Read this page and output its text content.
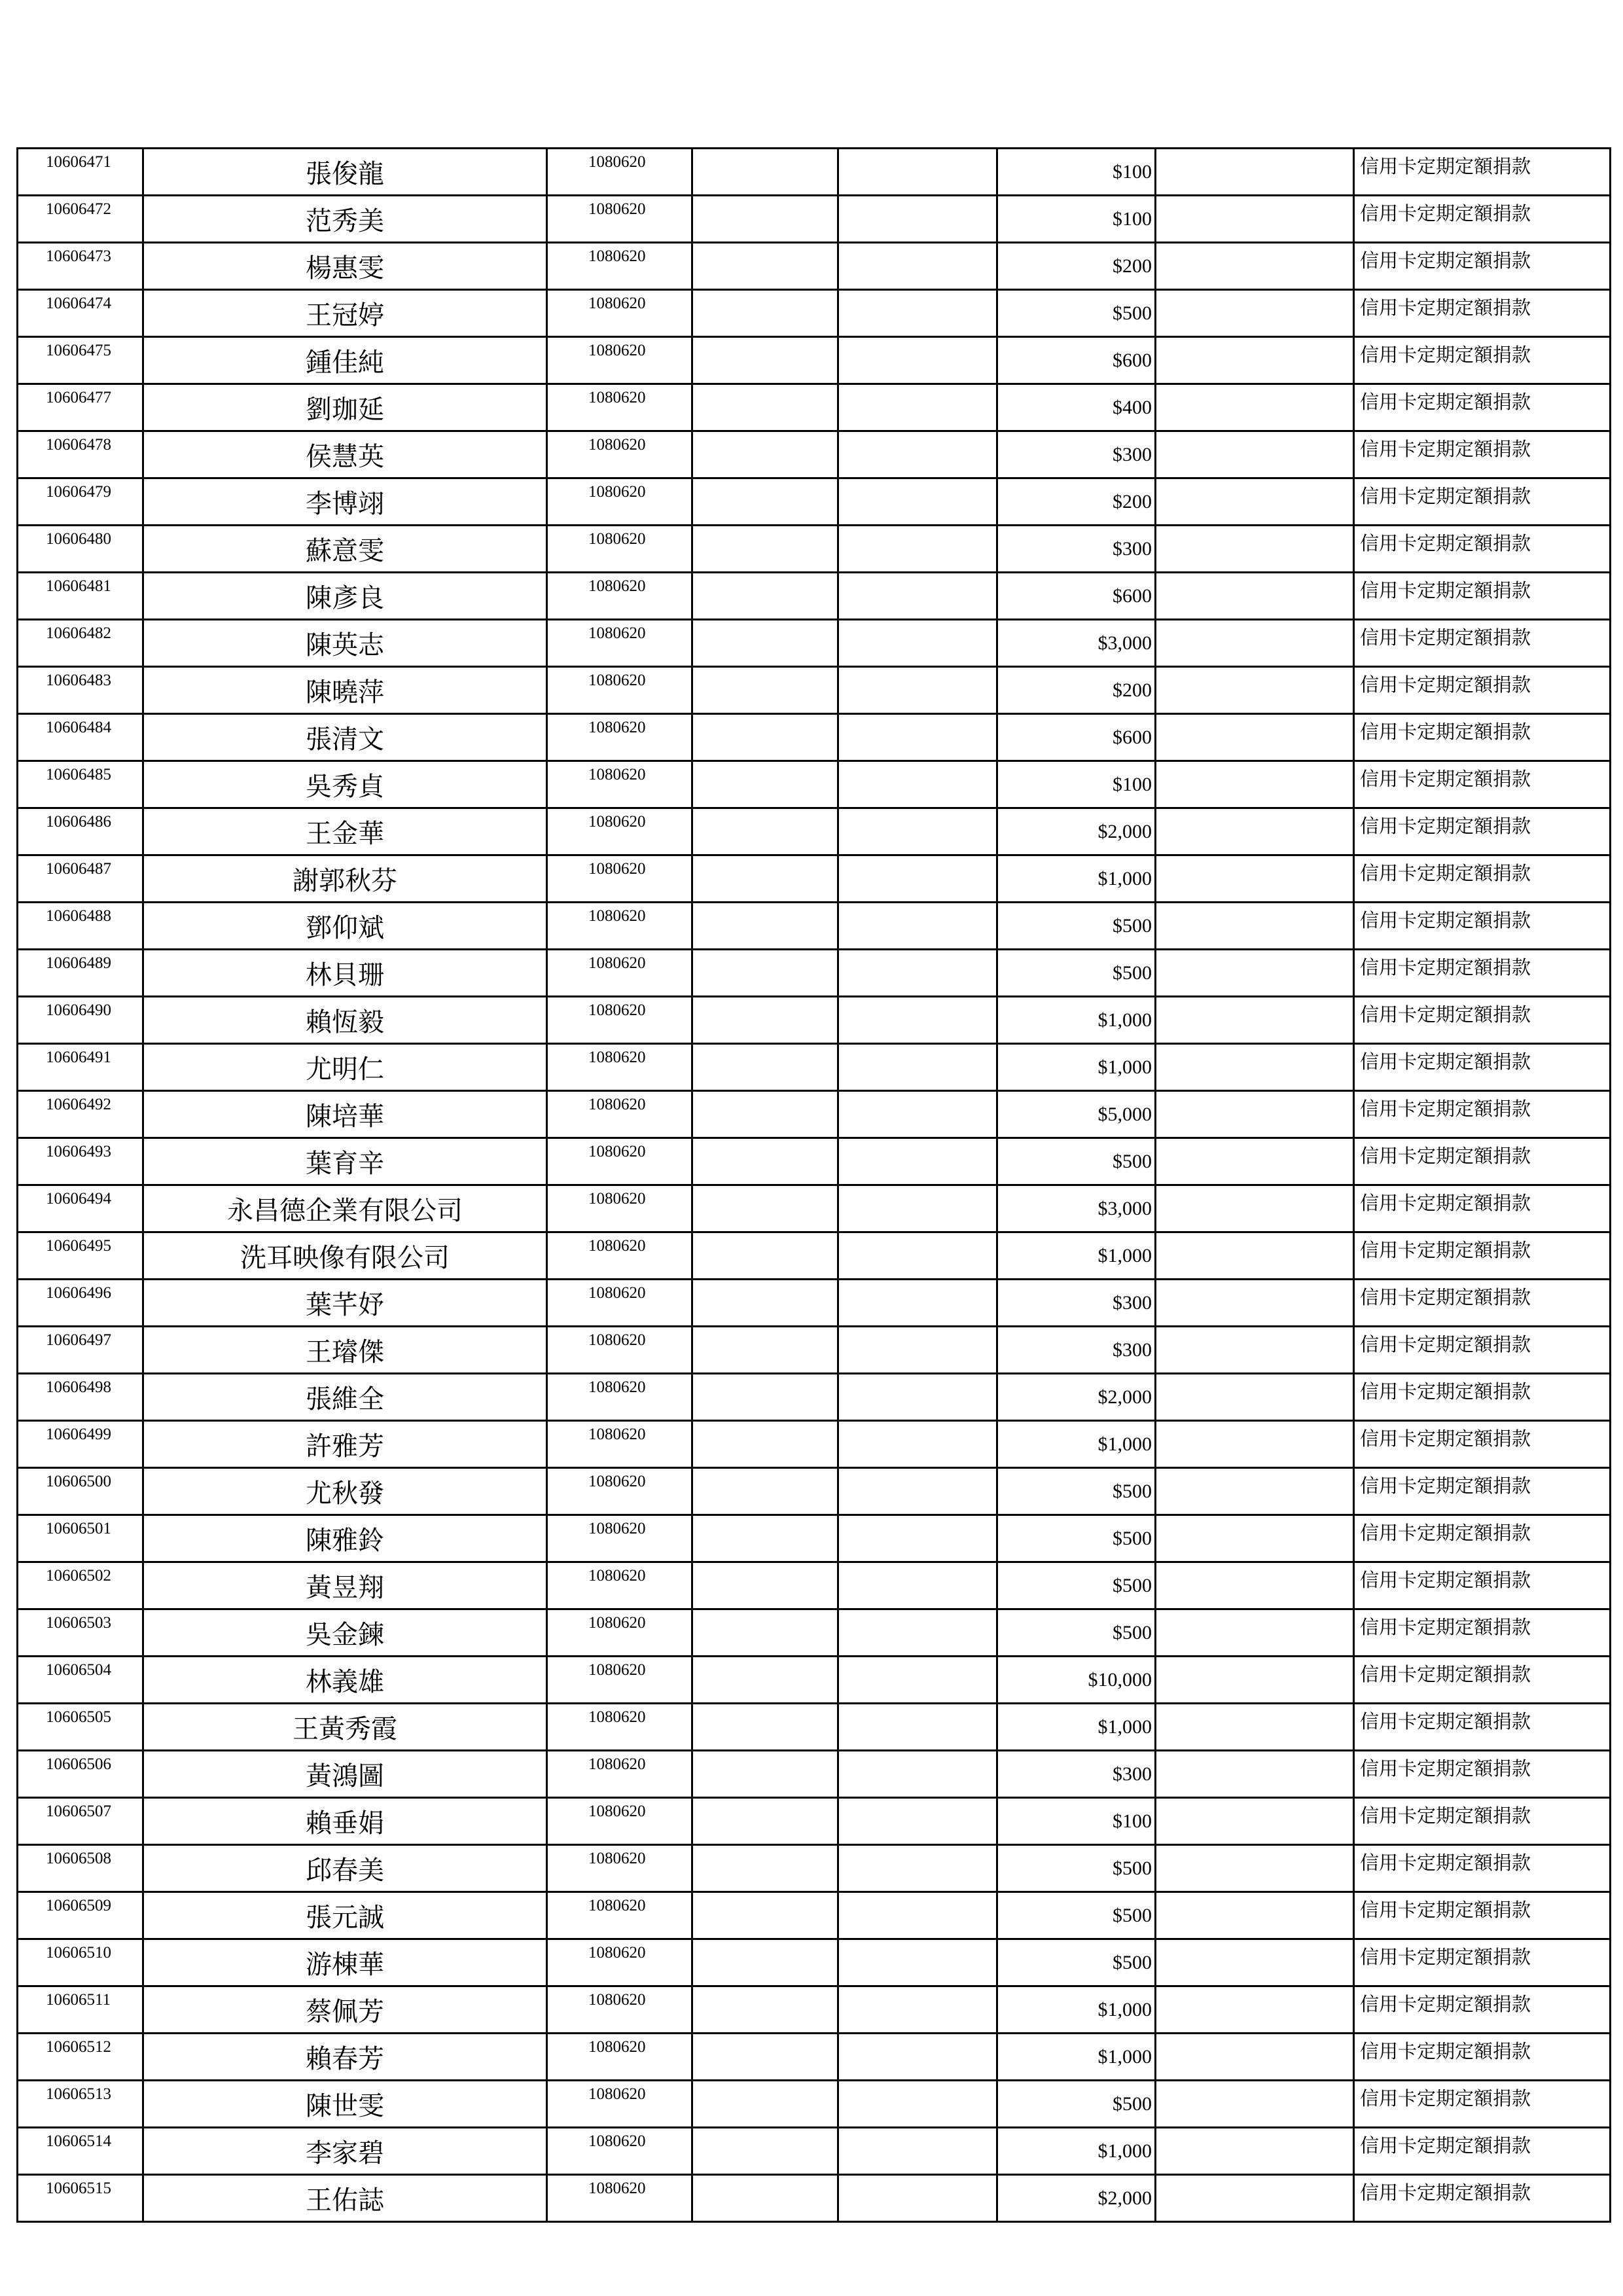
10606471	張俊龍	1080620			$100		信用卡定期定額捐款
10606472	范秀美	1080620			$100		信用卡定期定額捐款
10606473	楊惠雯	1080620			$200		信用卡定期定額捐款
10606474	王冠婷	1080620			$500		信用卡定期定額捐款
10606475	鍾佳純	1080620			$600		信用卡定期定額捐款
10606477	劉珈延	1080620			$400		信用卡定期定額捐款
10606478	侯慧英	1080620			$300		信用卡定期定額捐款
10606479	李博翊	1080620			$200		信用卡定期定額捐款
10606480	蘇意雯	1080620			$300		信用卡定期定額捐款
10606481	陳彥良	1080620			$600		信用卡定期定額捐款
10606482	陳英志	1080620			$3,000		信用卡定期定額捐款
10606483	陳曉萍	1080620			$200		信用卡定期定額捐款
10606484	張清文	1080620			$600		信用卡定期定額捐款
10606485	吳秀貞	1080620			$100		信用卡定期定額捐款
10606486	王金華	1080620			$2,000		信用卡定期定額捐款
10606487	謝郭秋芬	1080620			$1,000		信用卡定期定額捐款
10606488	鄧仰斌	1080620			$500		信用卡定期定額捐款
10606489	林貝珊	1080620			$500		信用卡定期定額捐款
10606490	賴恆毅	1080620			$1,000		信用卡定期定額捐款
10606491	尤明仁	1080620			$1,000		信用卡定期定額捐款
10606492	陳培華	1080620			$5,000		信用卡定期定額捐款
10606493	葉育辛	1080620			$500		信用卡定期定額捐款
10606494	永昌德企業有限公司	1080620			$3,000		信用卡定期定額捐款
10606495	洗耳映像有限公司	1080620			$1,000		信用卡定期定額捐款
10606496	葉芊妤	1080620			$300		信用卡定期定額捐款
10606497	王璿傑	1080620			$300		信用卡定期定額捐款
10606498	張維全	1080620			$2,000		信用卡定期定額捐款
10606499	許雅芳	1080620			$1,000		信用卡定期定額捐款
10606500	尤秋發	1080620			$500		信用卡定期定額捐款
10606501	陳雅鈴	1080620			$500		信用卡定期定額捐款
10606502	黃昱翔	1080620			$500		信用卡定期定額捐款
10606503	吳金鍊	1080620			$500		信用卡定期定額捐款
10606504	林義雄	1080620			$10,000		信用卡定期定額捐款
10606505	王黃秀霞	1080620			$1,000		信用卡定期定額捐款
10606506	黃鴻圖	1080620			$300		信用卡定期定額捐款
10606507	賴垂娟	1080620			$100		信用卡定期定額捐款
10606508	邱春美	1080620			$500		信用卡定期定額捐款
10606509	張元誠	1080620			$500		信用卡定期定額捐款
10606510	游棟華	1080620			$500		信用卡定期定額捐款
10606511	蔡佩芳	1080620			$1,000		信用卡定期定額捐款
10606512	賴春芳	1080620			$1,000		信用卡定期定額捐款
10606513	陳世雯	1080620			$500		信用卡定期定額捐款
10606514	李家碧	1080620			$1,000		信用卡定期定額捐款
10606515	王佑誌	1080620			$2,000		信用卡定期定額捐款
